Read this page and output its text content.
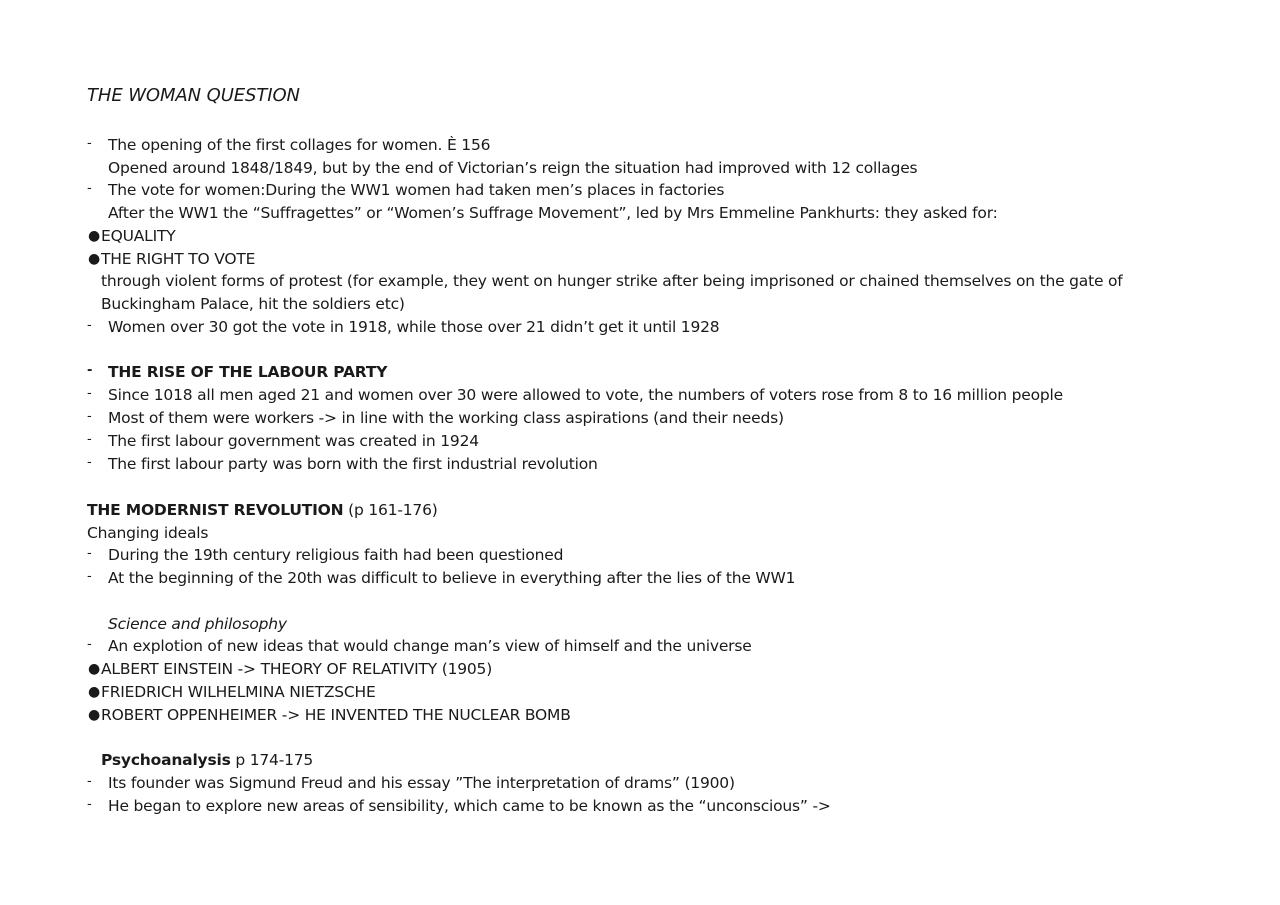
THE WOMAN QUESTION
- The opening of the first collages for women. È 156
Opened around 1848/1849, but by the end of Victorian’s reign the situation had improved with 12 collages
- The vote for women:During the WW1 women had taken men’s places in factories
After the WW1 the “Suffragettes” or “Women’s Suffrage Movement”, led by Mrs Emmeline Pankhurts: they asked for:
● EQUALITY
● THE RIGHT TO VOTE
through violent forms of protest (for example, they went on hunger strike after being imprisoned or chained themselves on the gate of
Buckingham Palace, hit the soldiers etc)
- Women over 30 got the vote in 1918, while those over 21 didn’t get it until 1928
- THE RISE OF THE LABOUR PARTY
- Since 1018 all men aged 21 and women over 30 were allowed to vote, the numbers of voters rose from 8 to 16 million people
- Most of them were workers -> in line with the working class aspirations (and their needs)
- The first labour government was created in 1924
- The first labour party was born with the first industrial revolution
THE MODERNIST REVOLUTION (p 161-176)
Changing ideals
- During the 19th century religious faith had been questioned
- At the beginning of the 20th was difficult to believe in everything after the lies of the WW1
Science and philosophy
- An explotion of new ideas that would change man’s view of himself and the universe
● ALBERT EINSTEIN -> THEORY OF RELATIVITY (1905)
● FRIEDRICH WILHELMINA NIETZSCHE
● ROBERT OPPENHEIMER -> HE INVENTED THE NUCLEAR BOMB
Psychoanalysis p 174-175
- Its founder was Sigmund Freud and his essay ”The interpretation of drams” (1900)
- He began to explore new areas of sensibility, which came to be known as the “unconscious” ->
